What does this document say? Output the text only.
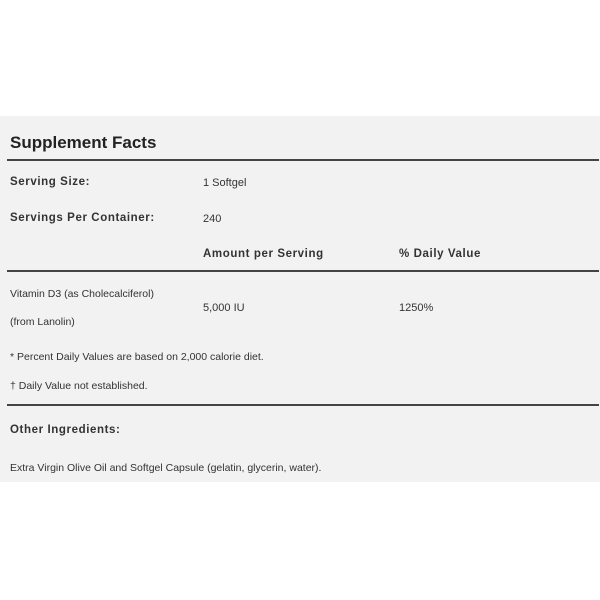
Supplement Facts
Serving Size:	1 Softgel
Servings Per Container:	240
Amount per Serving	% Daily Value
Vitamin D3 (as Cholecalciferol)
(from Lanolin)
5,000 IU	1250%
* Percent Daily Values are based on 2,000 calorie diet.
† Daily Value not established.
Other Ingredients:
Extra Virgin Olive Oil and Softgel Capsule (gelatin, glycerin, water).
